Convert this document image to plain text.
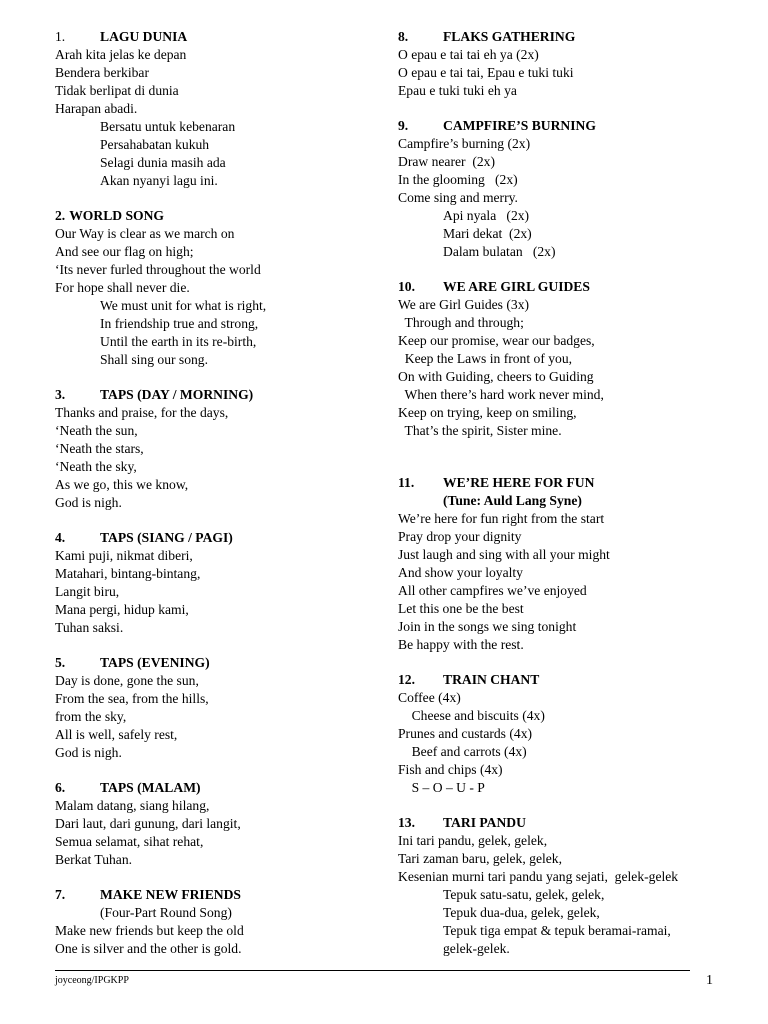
1.	LAGU DUNIA
Arah kita jelas ke depan
Bendera berkibar
Tidak berlipat di dunia
Harapan abadi.
Bersatu untuk kebenaran
Persahabatan kukuh
Selagi dunia masih ada
Akan nyanyi lagu ini.
2. WORLD SONG
Our Way is clear as we march on
And see our flag on high;
‘Its never furled throughout the world
For hope shall never die.
We must unit for what is right,
In friendship true and strong,
Until the earth in its re-birth,
Shall sing our song.
3.	TAPS (DAY / MORNING)
Thanks and praise, for the days,
‘Neath the sun,
‘Neath the stars,
‘Neath the sky,
As we go, this we know,
God is nigh.
4.	TAPS (SIANG / PAGI)
Kami puji, nikmat diberi,
Matahari, bintang-bintang,
Langit biru,
Mana pergi, hidup kami,
Tuhan saksi.
5.	TAPS (EVENING)
Day is done, gone the sun,
From the sea, from the hills,
from the sky,
All is well, safely rest,
God is nigh.
6.	TAPS (MALAM)
Malam datang, siang hilang,
Dari laut, dari gunung, dari langit,
Semua selamat, sihat rehat,
Berkat Tuhan.
7.	MAKE NEW FRIENDS
(Four-Part Round Song)
Make new friends but keep the old
One is silver and the other is gold.
8.	FLAKS GATHERING
O epau e tai tai eh ya (2x)
O epau e tai tai, Epau e tuki tuki
Epau e tuki tuki eh ya
9.	CAMPFIRE’S BURNING
Campfire’s burning (2x)
Draw nearer  (2x)
In the glooming   (2x)
Come sing and merry.
Api nyala   (2x)
Mari dekat  (2x)
Dalam bulatan   (2x)
10. WE ARE GIRL GUIDES
We are Girl Guides (3x)
Through and through;
Keep our promise, wear our badges,
Keep the Laws in front of you,
On with Guiding, cheers to Guiding
When there’s hard work never mind,
Keep on trying, keep on smiling,
That’s the spirit, Sister mine.
11. WE’RE HERE FOR FUN
(Tune: Auld Lang Syne)
We’re here for fun right from the start
Pray drop your dignity
Just laugh and sing with all your might
And show your loyalty
All other campfires we’ve enjoyed
Let this one be the best
Join in the songs we sing tonight
Be happy with the rest.
12. TRAIN CHANT
Coffee (4x)
Cheese and biscuits (4x)
Prunes and custards (4x)
Beef and carrots (4x)
Fish and chips (4x)
S – O – U - P
13. TARI PANDU
Ini tari pandu, gelek, gelek,
Tari zaman baru, gelek, gelek,
Kesenian murni tari pandu yang sejati,  gelek-gelek
Tepuk satu-satu, gelek, gelek,
Tepuk dua-dua, gelek, gelek,
Tepuk tiga empat & tepuk beramai-ramai,
gelek-gelek.
joyceong/IPGKPP	1
